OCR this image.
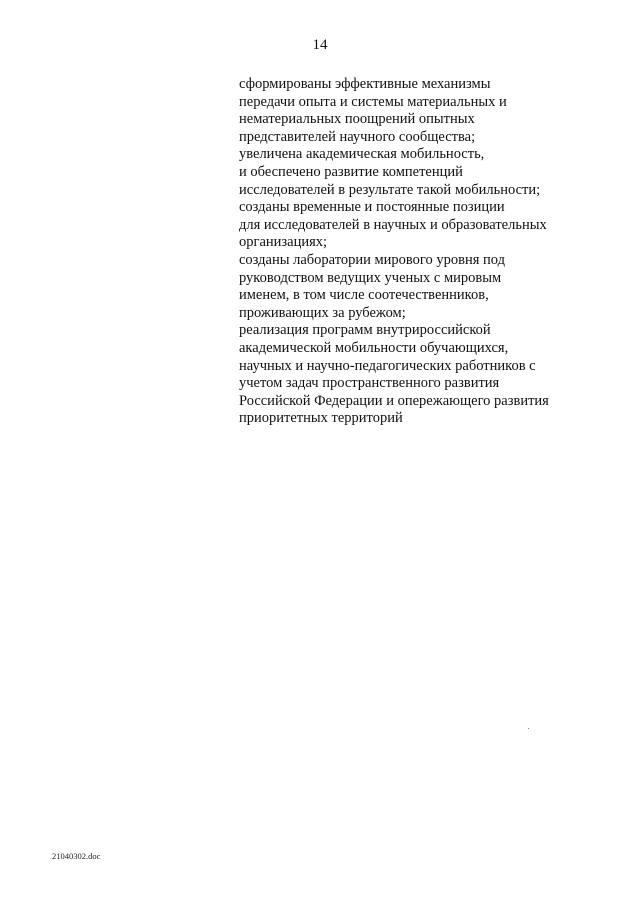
14
сформированы эффективные механизмы
передачи опыта и системы материальных и
нематериальных поощрений опытных
представителей научного сообщества;
увеличена академическая мобильность,
и обеспечено развитие компетенций
исследователей в результате такой мобильности;
созданы временные и постоянные позиции
для исследователей в научных и образовательных
организациях;
созданы лаборатории мирового уровня под
руководством ведущих ученых с мировым
именем, в том числе соотечественников,
проживающих за рубежом;
реализация программ внутрироссийской
академической мобильности обучающихся,
научных и научно-педагогических работников с
учетом задач пространственного развития
Российской Федерации и опережающего развития
приоритетных территорий
21040302.doc
